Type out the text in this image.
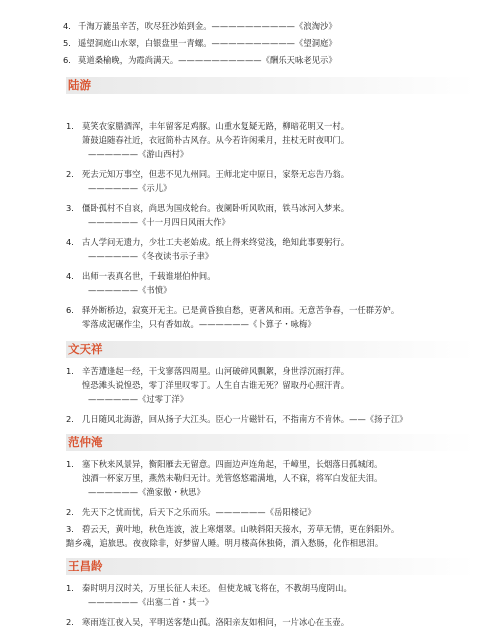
4. 千淘万漉虽辛苦，吹尽狂沙始到金。——————————《浪淘沙》
5. 遥望洞庭山水翠，白银盘里一青螺。——————————《望洞庭》
6. 莫道桑榆晚，为霞尚满天。——————————《酬乐天咏老见示》
陆游
1. 莫笑农家腊酒浑，丰年留客足鸡豚。山重水复疑无路，柳暗花明又一村。
箫鼓追随春社近，衣冠简朴古风存。从今若许闲乘月，拄杖无时夜叩门。
——————《游山西村》
2. 死去元知万事空，但悲不见九州同。王师北定中原日，家祭无忘告乃翁。
——————《示儿》
3. 僵卧孤村不自哀，尚思为国戍轮台。夜阑卧听风吹雨，铁马冰河入梦来。
——————《十一月四日风雨大作》
4. 古人学问无遗力，少壮工夫老始成。纸上得来终觉浅，绝知此事要躬行。
——————《冬夜读书示子聿》
4. 出师一表真名世，千载谁堪伯仲间。
——————《书愤》
6. 驿外断桥边，寂寞开无主。已是黄昏独自愁，更著风和雨。无意苦争春，一任群芳妒。
零落成泥碾作尘，只有香如故。——————《卜算子・咏梅》
文天祥
1. 辛苦遭逢起一经，干戈寥落四周星。山河破碎风飘絮，身世浮沉雨打萍。
惶恐滩头说惶恐，零丁洋里叹零丁。人生自古谁无死？留取丹心照汗青。
——————《过零丁洋》
2. 几日随风北海游，回从扬子大江头。臣心一片磁针石，不指南方不肯休。——《扬子江》
范仲淹
1. 塞下秋来风景异，衡阳雁去无留意。四面边声连角起，千嶂里，长烟落日孤城闭。
浊酒一杯家万里，燕然未勒归无计。羌管悠悠霜满地，人不寐，将军白发征夫泪。
——————《渔家傲・秋思》
2. 先天下之忧而忧，后天下之乐而乐。——————《岳阳楼记》
3. 碧云天，黄叶地，秋色连波，波上寒烟翠。山映斜阳天接水，芳草无情，更在斜阳外。
黯乡魂，追旅思。夜夜除非，好梦留人睡。明月楼高休独倚，酒入愁肠，化作相思泪。
王昌龄
1. 秦时明月汉时关，万里长征人未还。 但使龙城飞将在，不教胡马度阴山。
——————《出塞二首・其一》
2. 寒雨连江夜入吴，平明送客楚山孤。洛阳亲友如相问，一片冰心在玉壶。
